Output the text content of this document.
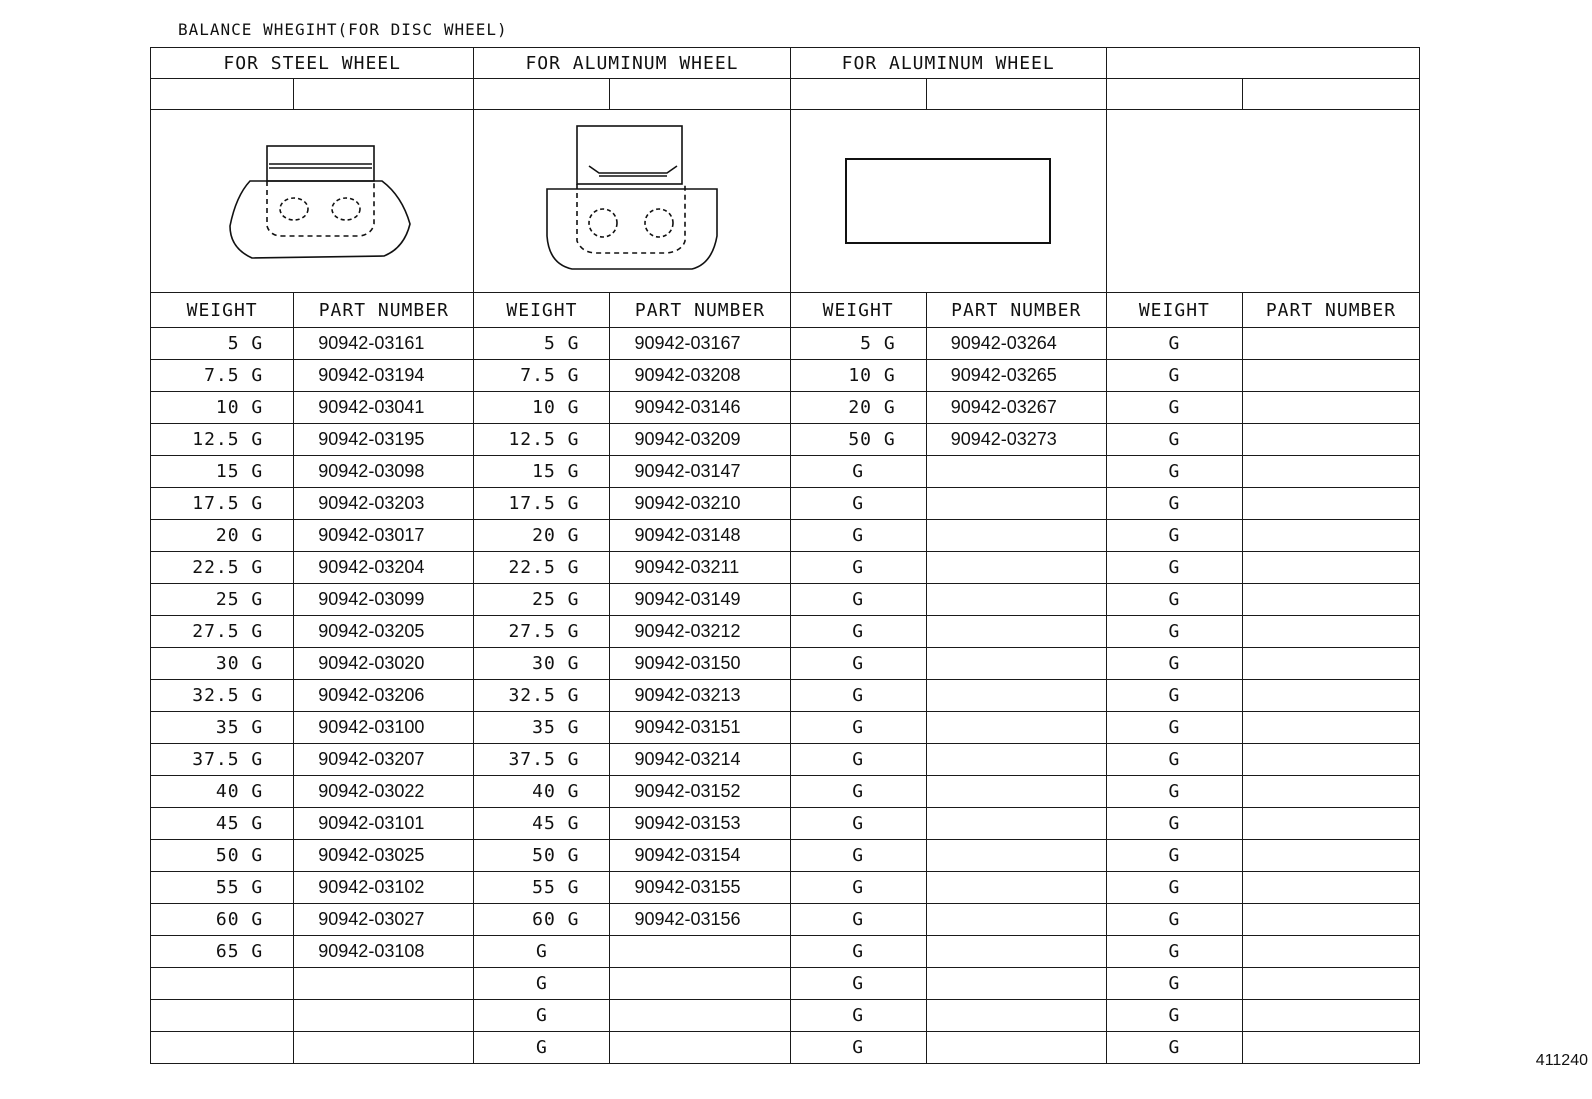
BALANCE WHEGIHT(FOR DISC WHEEL)
FOR STEEL WHEEL		FOR ALUMINUM WHEEL		FOR ALUMINUM WHEEL			

WEIGHT	PART NUMBER	WEIGHT	PART NUMBER	WEIGHT	PART NUMBER	WEIGHT	PART NUMBER
5 G	90942-03161	5 G	90942-03167	5 G	90942-03264	G	
7.5 G	90942-03194	7.5 G	90942-03208	10 G	90942-03265	G	
10 G	90942-03041	10 G	90942-03146	20 G	90942-03267	G	
12.5 G	90942-03195	12.5 G	90942-03209	50 G	90942-03273	G	
15 G	90942-03098	15 G	90942-03147	G		G	
17.5 G	90942-03203	17.5 G	90942-03210	G		G	
20 G	90942-03017	20 G	90942-03148	G		G	
22.5 G	90942-03204	22.5 G	90942-03211	G		G	
25 G	90942-03099	25 G	90942-03149	G		G	
27.5 G	90942-03205	27.5 G	90942-03212	G		G	
30 G	90942-03020	30 G	90942-03150	G		G	
32.5 G	90942-03206	32.5 G	90942-03213	G		G	
35 G	90942-03100	35 G	90942-03151	G		G	
37.5 G	90942-03207	37.5 G	90942-03214	G		G	
40 G	90942-03022	40 G	90942-03152	G		G	
45 G	90942-03101	45 G	90942-03153	G		G	
50 G	90942-03025	50 G	90942-03154	G		G	
55 G	90942-03102	55 G	90942-03155	G		G	
60 G	90942-03027	60 G	90942-03156	G		G	
65 G	90942-03108	G		G		G	
		G		G		G	
		G		G		G	
		G		G		G	
411240
